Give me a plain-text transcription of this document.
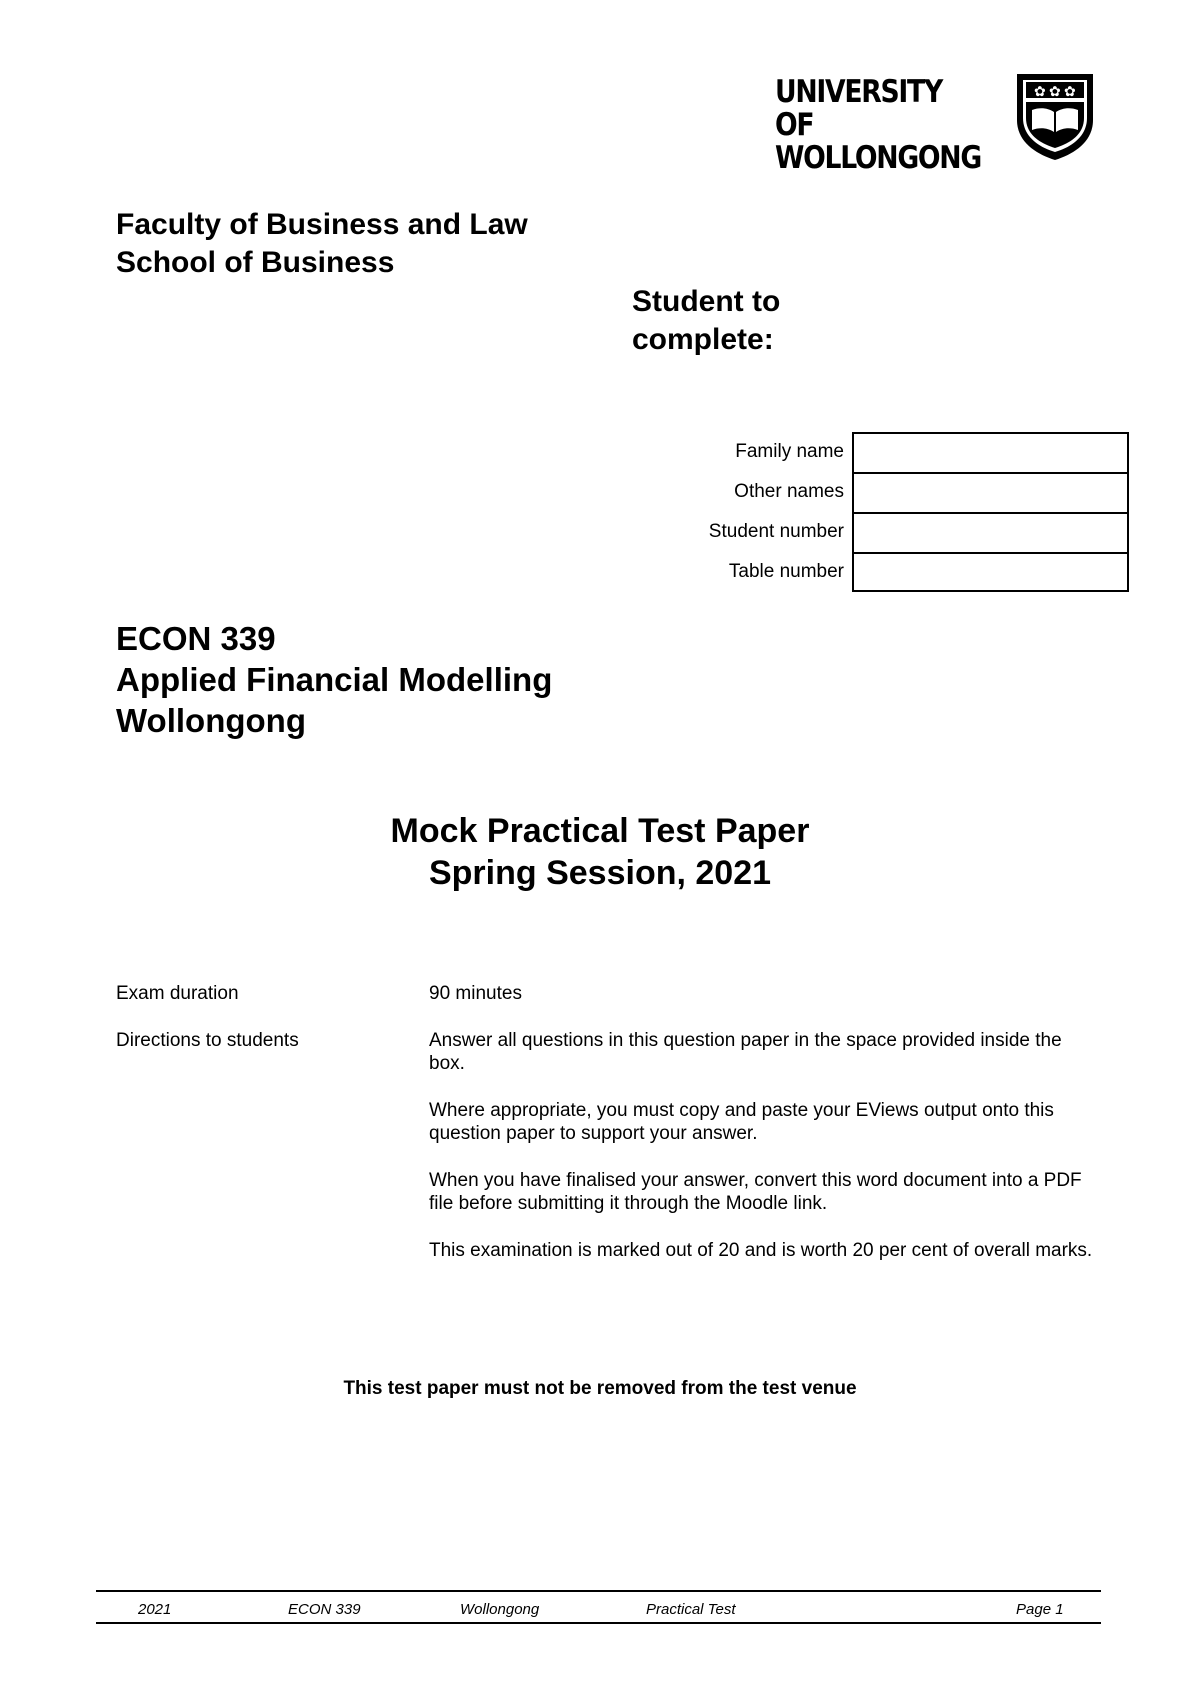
UNIVERSITY OF
WOLLONGONG
✿ ✿ ✿
Faculty of Business and Law
School of Business
Student to
complete:
Family name
Other names
Student number
Table number
ECON 339
Applied Financial Modelling
Wollongong
Mock Practical Test Paper
Spring Session, 2021
Exam duration	90 minutes
Directions to students	Answer all questions in this question paper in the space provided inside the box.

Where appropriate, you must copy and paste your EViews output onto this question paper to support your answer.

When you have finalised your answer, convert this word document into a PDF file before submitting it through the Moodle link.

This examination is marked out of 20 and is worth 20 per cent of overall marks.

This test paper must not be removed from the test venue
2021	ECON 339	Wollongong	Practical Test	Page 1
